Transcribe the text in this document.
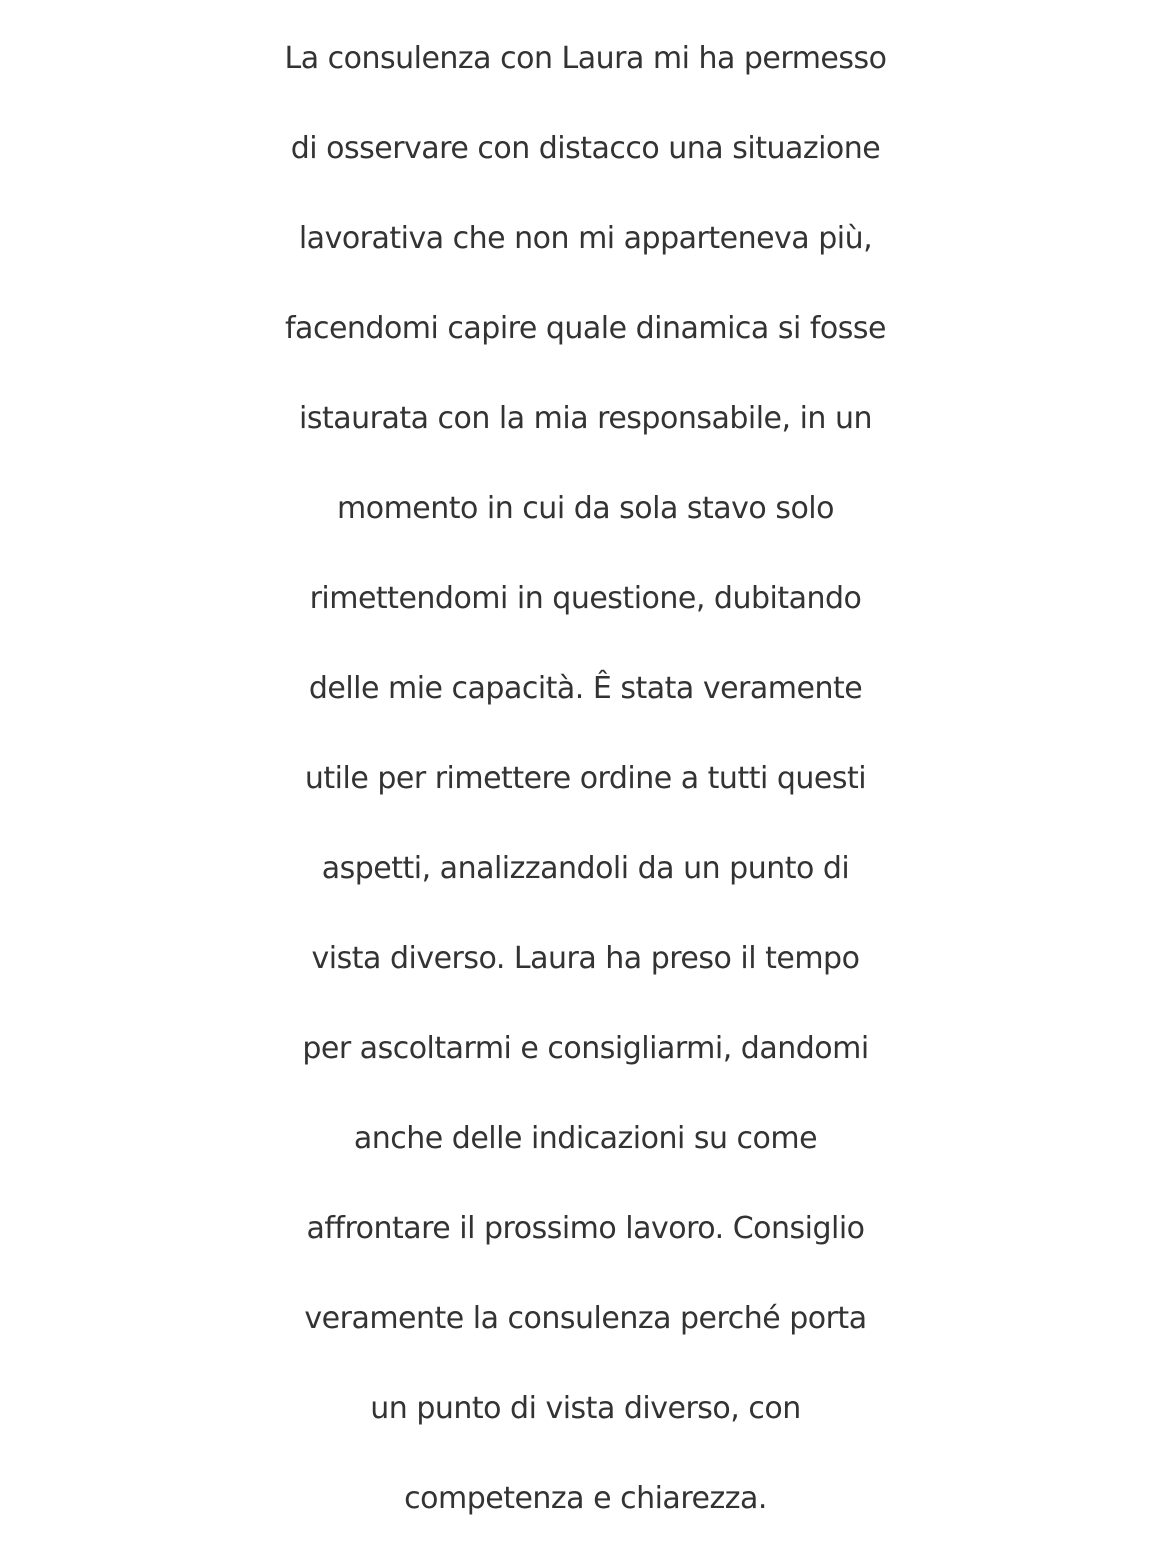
La consulenza con Laura mi ha permesso
di osservare con distacco una situazione
lavorativa che non mi apparteneva più,
facendomi capire quale dinamica si fosse
istaurata con la mia responsabile, in un
momento in cui da sola stavo solo
rimettendomi in questione, dubitando
delle mie capacità. Ê stata veramente
utile per rimettere ordine a tutti questi
aspetti, analizzandoli da un punto di
vista diverso. Laura ha preso il tempo
per ascoltarmi e consigliarmi, dandomi
anche delle indicazioni su come
affrontare il prossimo lavoro. Consiglio
veramente la consulenza perché porta
un punto di vista diverso, con
competenza e chiarezza.
